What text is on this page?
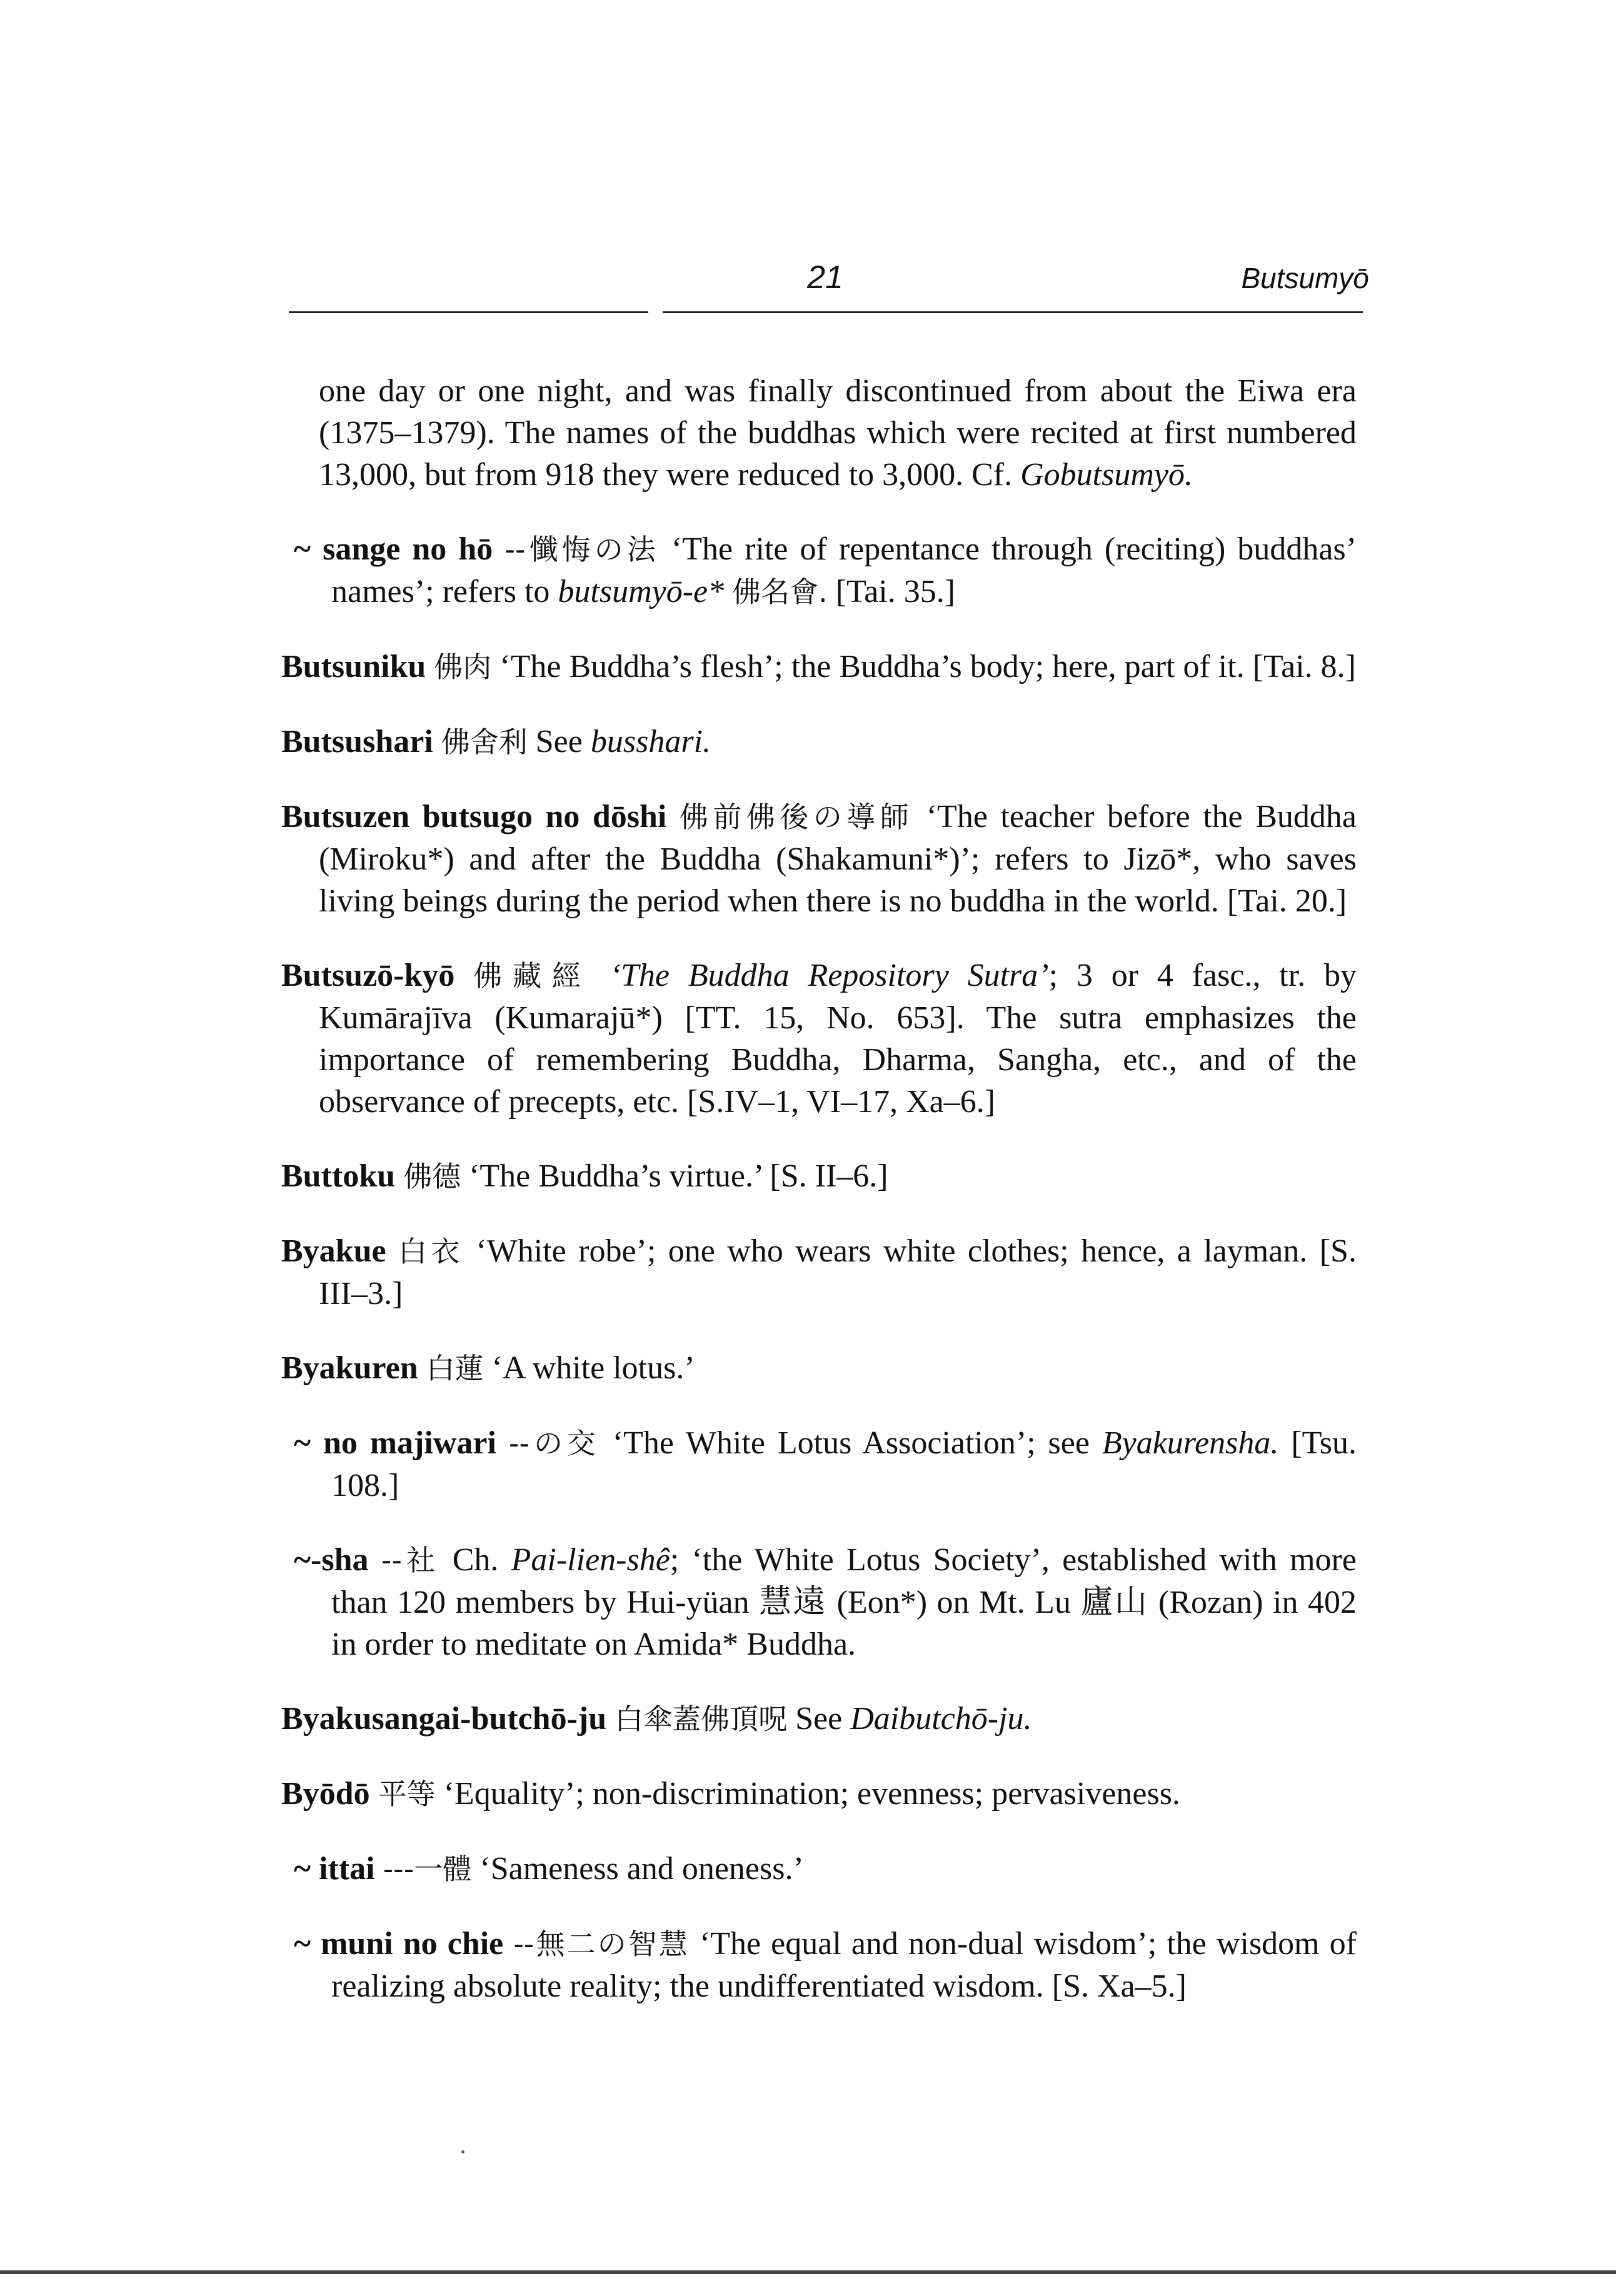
21	Butsumyō

one day or one night, and was finally discontinued from about the Eiwa era (1375–1379). The names of the buddhas which were recited at first numbered 13,000, but from 918 they were reduced to 3,000. Cf. Gobutsumyō.

~ sange no hō --懺悔の法 ‘The rite of repentance through (reciting) buddhas’ names’; refers to butsumyō-e* 佛名會. [Tai. 35.]

Butsuniku 佛肉 ‘The Buddha’s flesh’; the Buddha’s body; here, part of it. [Tai. 8.]

Butsushari 佛舍利 See busshari.

Butsuzen butsugo no dōshi 佛前佛後の導師 ‘The teacher before the Buddha (Miroku*) and after the Buddha (Shakamuni*)’; refers to Jizō*, who saves living beings during the period when there is no buddha in the world. [Tai. 20.]

Butsuzō-kyō 佛藏經 ‘The Buddha Repository Sutra’; 3 or 4 fasc., tr. by Kumārajīva (Kumarajū*) [TT. 15, No. 653]. The sutra emphasizes the importance of remembering Buddha, Dharma, Sangha, etc., and of the observance of precepts, etc. [S.IV–1, VI–17, Xa–6.]

Buttoku 佛德 ‘The Buddha’s virtue.’ [S. II–6.]

Byakue 白衣 ‘White robe’; one who wears white clothes; hence, a layman. [S. III–3.]

Byakuren 白蓮 ‘A white lotus.’

~ no majiwari --の交 ‘The White Lotus Association’; see Byakurensha. [Tsu. 108.]

~-sha --社 Ch. Pai-lien-shê; ‘the White Lotus Society’, established with more than 120 members by Hui-yüan 慧遠 (Eon*) on Mt. Lu 廬山 (Rozan) in 402 in order to meditate on Amida* Buddha.

Byakusangai-butchō-ju 白傘蓋佛頂呪 See Daibutchō-ju.

Byōdō 平等 ‘Equality’; non-discrimination; evenness; pervasiveness.

~ ittai ---一體 ‘Sameness and oneness.’

~ muni no chie --無二の智慧 ‘The equal and non-dual wisdom’; the wisdom of realizing absolute reality; the undifferentiated wisdom. [S. Xa–5.]
